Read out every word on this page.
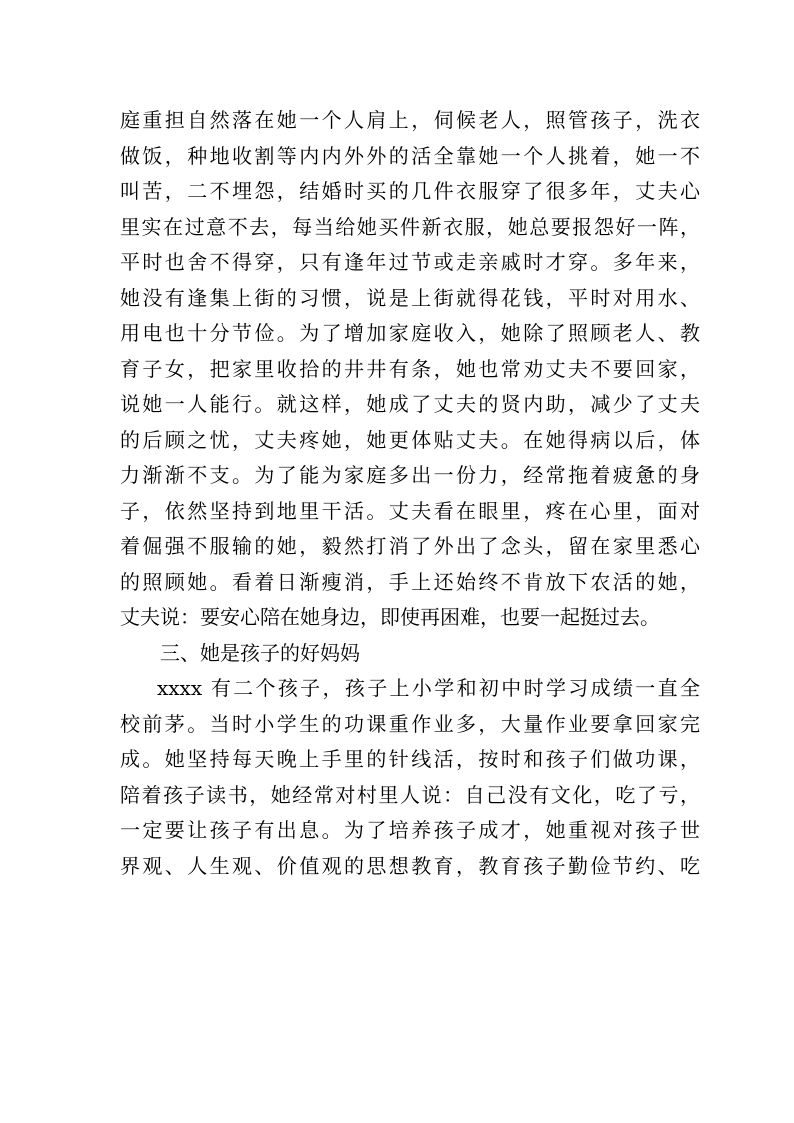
庭重担自然落在她一个人肩上，伺候老人，照管孩子，洗衣
做饭，种地收割等内内外外的活全靠她一个人挑着，她一不
叫苦，二不埋怨，结婚时买的几件衣服穿了很多年，丈夫心
里实在过意不去，每当给她买件新衣服，她总要报怨好一阵，
平时也舍不得穿，只有逢年过节或走亲戚时才穿。多年来，
她没有逢集上街的习惯，说是上街就得花钱，平时对用水、
用电也十分节俭。为了增加家庭收入，她除了照顾老人、教
育子女，把家里收拾的井井有条，她也常劝丈夫不要回家，
说她一人能行。就这样，她成了丈夫的贤内助，减少了丈夫
的后顾之忧，丈夫疼她，她更体贴丈夫。在她得病以后，体
力渐渐不支。为了能为家庭多出一份力，经常拖着疲惫的身
子，依然坚持到地里干活。丈夫看在眼里，疼在心里，面对
着倔强不服输的她，毅然打消了外出了念头，留在家里悉心
的照顾她。看着日渐瘦消，手上还始终不肯放下农活的她，
丈夫说：要安心陪在她身边，即使再困难，也要一起挺过去。
三、她是孩子的好妈妈
xxxx 有二个孩子，孩子上小学和初中时学习成绩一直全
校前茅。当时小学生的功课重作业多，大量作业要拿回家完
成。她坚持每天晚上手里的针线活，按时和孩子们做功课，
陪着孩子读书，她经常对村里人说：自己没有文化，吃了亏，
一定要让孩子有出息。为了培养孩子成才，她重视对孩子世
界观、人生观、价值观的思想教育，教育孩子勤俭节约、吃
